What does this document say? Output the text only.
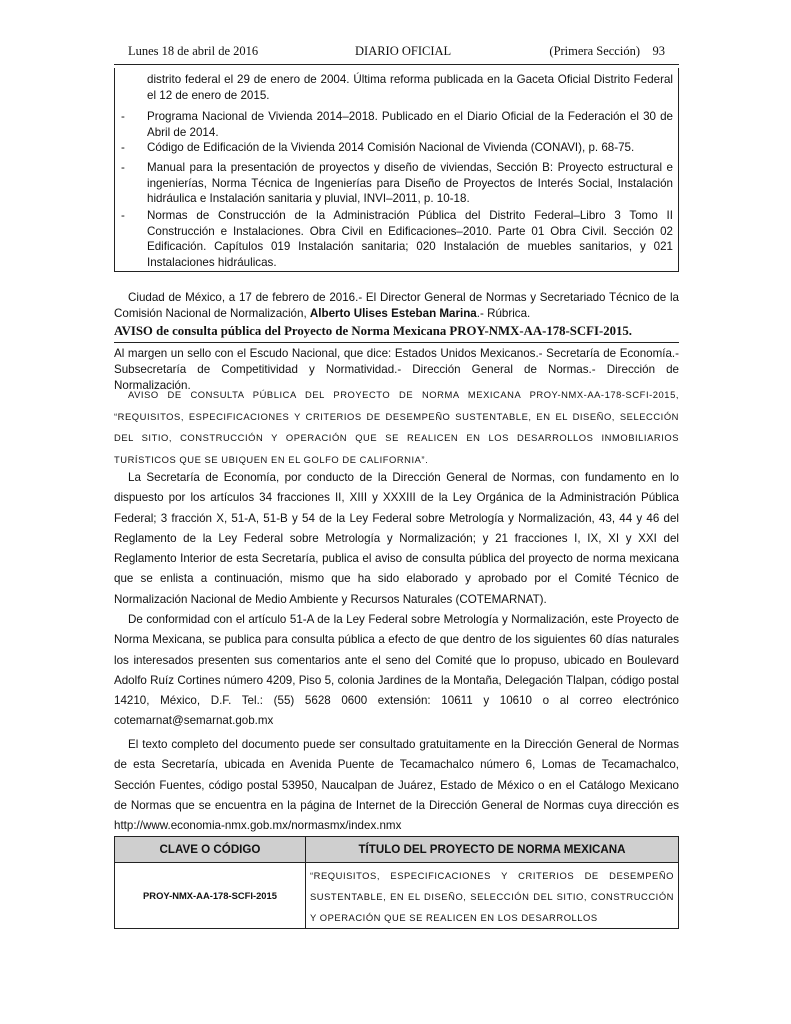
Lunes 18 de abril de 2016	DIARIO OFICIAL	(Primera Sección) 93
distrito federal el 29 de enero de 2004. Última reforma publicada en la Gaceta Oficial Distrito Federal el 12 de enero de 2015.
- Programa Nacional de Vivienda 2014–2018. Publicado en el Diario Oficial de la Federación el 30 de Abril de 2014.
- Código de Edificación de la Vivienda 2014 Comisión Nacional de Vivienda (CONAVI), p. 68-75.
- Manual para la presentación de proyectos y diseño de viviendas, Sección B: Proyecto estructural e ingenierías, Norma Técnica de Ingenierías para Diseño de Proyectos de Interés Social, Instalación hidráulica e Instalación sanitaria y pluvial, INVI–2011, p. 10-18.
- Normas de Construcción de la Administración Pública del Distrito Federal–Libro 3 Tomo II Construcción e Instalaciones. Obra Civil en Edificaciones–2010. Parte 01 Obra Civil. Sección 02 Edificación. Capítulos 019 Instalación sanitaria; 020 Instalación de muebles sanitarios, y 021 Instalaciones hidráulicas.
Ciudad de México, a 17 de febrero de 2016.- El Director General de Normas y Secretariado Técnico de la Comisión Nacional de Normalización, Alberto Ulises Esteban Marina.- Rúbrica.
AVISO de consulta pública del Proyecto de Norma Mexicana PROY-NMX-AA-178-SCFI-2015.
Al margen un sello con el Escudo Nacional, que dice: Estados Unidos Mexicanos.- Secretaría de Economía.- Subsecretaría de Competitividad y Normatividad.- Dirección General de Normas.- Dirección de Normalización.
AVISO DE CONSULTA PÚBLICA DEL PROYECTO DE NORMA MEXICANA PROY-NMX-AA-178-SCFI-2015, “REQUISITOS, ESPECIFICACIONES Y CRITERIOS DE DESEMPEÑO SUSTENTABLE, EN EL DISEÑO, SELECCIÓN DEL SITIO, CONSTRUCCIÓN Y OPERACIÓN QUE SE REALICEN EN LOS DESARROLLOS INMOBILIARIOS TURÍSTICOS QUE SE UBIQUEN EN EL GOLFO DE CALIFORNIA”.
La Secretaría de Economía, por conducto de la Dirección General de Normas, con fundamento en lo dispuesto por los artículos 34 fracciones II, XIII y XXXIII de la Ley Orgánica de la Administración Pública Federal; 3 fracción X, 51-A, 51-B y 54 de la Ley Federal sobre Metrología y Normalización, 43, 44 y 46 del Reglamento de la Ley Federal sobre Metrología y Normalización; y 21 fracciones I, IX, XI y XXI del Reglamento Interior de esta Secretaría, publica el aviso de consulta pública del proyecto de norma mexicana que se enlista a continuación, mismo que ha sido elaborado y aprobado por el Comité Técnico de Normalización Nacional de Medio Ambiente y Recursos Naturales (COTEMARNAT).
De conformidad con el artículo 51-A de la Ley Federal sobre Metrología y Normalización, este Proyecto de Norma Mexicana, se publica para consulta pública a efecto de que dentro de los siguientes 60 días naturales los interesados presenten sus comentarios ante el seno del Comité que lo propuso, ubicado en Boulevard Adolfo Ruíz Cortines número 4209, Piso 5, colonia Jardines de la Montaña, Delegación Tlalpan, código postal 14210, México, D.F. Tel.: (55) 5628 0600 extensión: 10611 y 10610 o al correo electrónico cotemarnat@semarnat.gob.mx
El texto completo del documento puede ser consultado gratuitamente en la Dirección General de Normas de esta Secretaría, ubicada en Avenida Puente de Tecamachalco número 6, Lomas de Tecamachalco, Sección Fuentes, código postal 53950, Naucalpan de Juárez, Estado de México o en el Catálogo Mexicano de Normas que se encuentra en la página de Internet de la Dirección General de Normas cuya dirección es http://www.economia-nmx.gob.mx/normasmx/index.nmx
CLAVE O CÓDIGO	TÍTULO DEL PROYECTO DE NORMA MEXICANA
PROY-NMX-AA-178-SCFI-2015	“REQUISITOS, ESPECIFICACIONES Y CRITERIOS DE DESEMPEÑO SUSTENTABLE, EN EL DISEÑO, SELECCIÓN DEL SITIO, CONSTRUCCIÓN Y OPERACIÓN QUE SE REALICEN EN LOS DESARROLLOS
